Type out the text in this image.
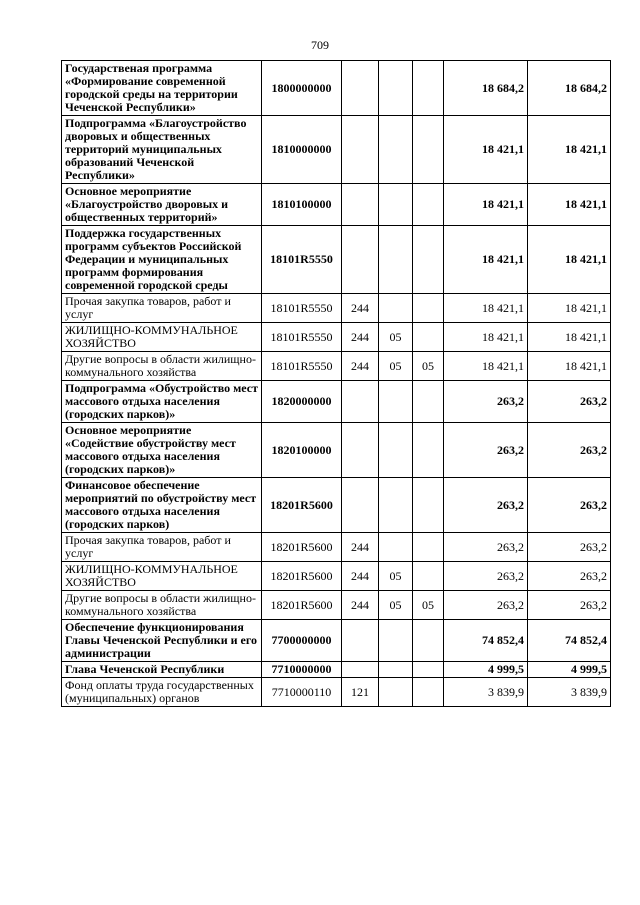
709
Государственая программа «Формирование современной городской среды на территории Чеченской Республики»	1800000000				18 684,2	18 684,2
Подпрограмма «Благоустройство дворовых и общественных территорий муниципальных образований Чеченской Республики»	1810000000				18 421,1	18 421,1
Основное мероприятие «Благоустройство дворовых и общественных территорий»	1810100000				18 421,1	18 421,1
Поддержка государственных программ субъектов Российской Федерации и муниципальных программ формирования современной городской среды	18101R5550				18 421,1	18 421,1
Прочая закупка товаров, работ и услуг	18101R5550	244			18 421,1	18 421,1
ЖИЛИЩНО-КОММУНАЛЬНОЕ ХОЗЯЙСТВО	18101R5550	244	05		18 421,1	18 421,1
Другие вопросы в области жилищно-коммунального хозяйства	18101R5550	244	05	05	18 421,1	18 421,1
Подпрограмма «Обустройство мест массового отдыха населения (городских парков)»	1820000000				263,2	263,2
Основное мероприятие «Содействие обустройству мест массового отдыха населения (городских парков)»	1820100000				263,2	263,2
Финансовое обеспечение мероприятий по обустройству мест массового отдыха населения (городских парков)	18201R5600				263,2	263,2
Прочая закупка товаров, работ и услуг	18201R5600	244			263,2	263,2
ЖИЛИЩНО-КОММУНАЛЬНОЕ ХОЗЯЙСТВО	18201R5600	244	05		263,2	263,2
Другие вопросы в области жилищно-коммунального хозяйства	18201R5600	244	05	05	263,2	263,2
Обеспечение функционирования Главы Чеченской Республики и его администрации	7700000000				74 852,4	74 852,4
Глава Чеченской Республики	7710000000				4 999,5	4 999,5
Фонд оплаты труда государственных (муниципальных) органов	7710000110	121			3 839,9	3 839,9
